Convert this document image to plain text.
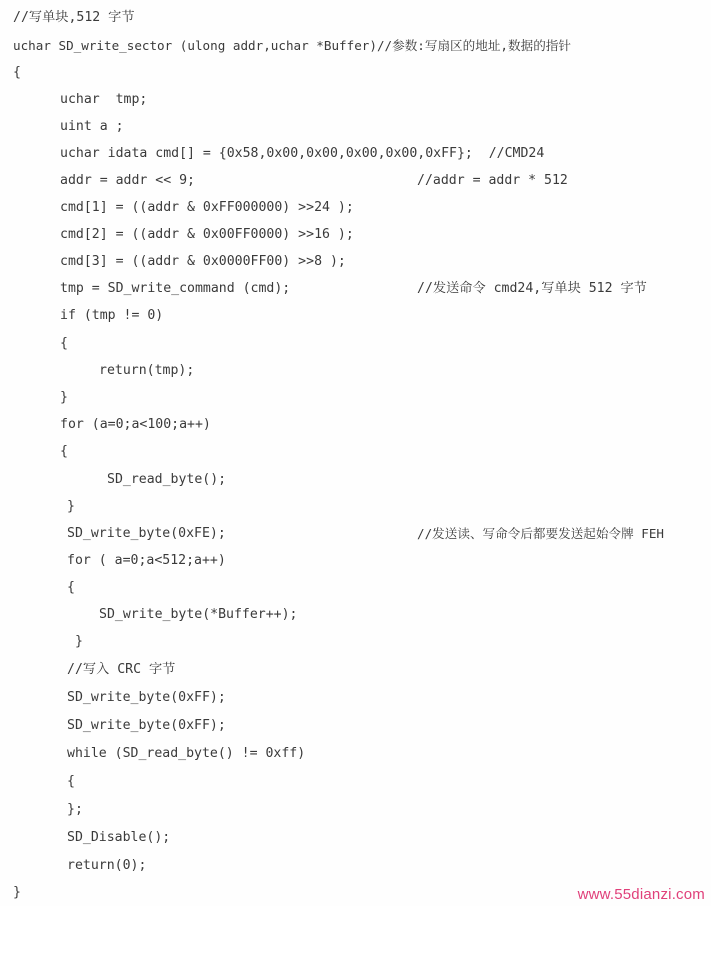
//写单块,512 字节

uchar SD_write_sector (ulong addr,uchar *Buffer)//参数:写扇区的地址,数据的指针

{

uchar  tmp;

uint a ;

uchar idata cmd[] = {0x58,0x00,0x00,0x00,0x00,0xFF};  //CMD24

addr = addr << 9;

	//addr = addr * 512

cmd[1] = ((addr & 0xFF000000) >>24 );

cmd[2] = ((addr & 0x00FF0000) >>16 );

cmd[3] = ((addr & 0x0000FF00) >>8 );

tmp = SD_write_command (cmd);

	//发送命令 cmd24,写单块 512 字节

if (tmp != 0)

{

return(tmp);

}

for (a=0;a<100;a++)

{

SD_read_byte();

}

SD_write_byte(0xFE);

	//发送读、写命令后都要发送起始令牌 FEH

for ( a=0;a<512;a++)

{

SD_write_byte(*Buffer++);

}

//写入 CRC 字节

SD_write_byte(0xFF);

SD_write_byte(0xFF);

while (SD_read_byte() != 0xff)

{

};

SD_Disable();

return(0);

}

	www.55dianzi.com
